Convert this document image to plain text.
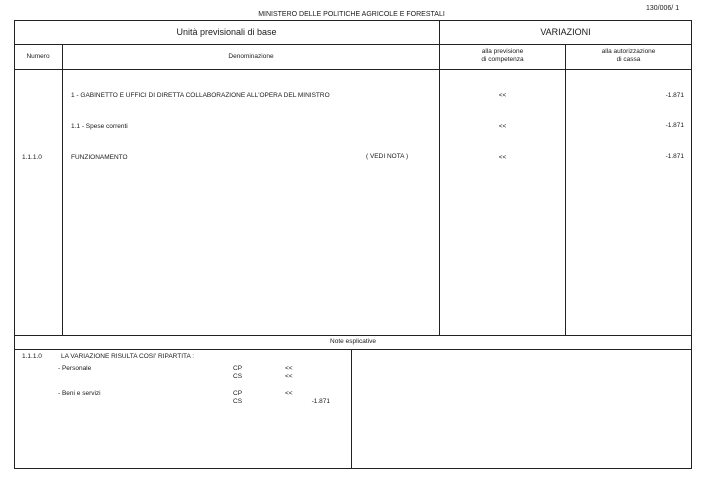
MINISTERO DELLE POLITICHE AGRICOLE E FORESTALI
130/006/ 1
Unità previsionali di base	VARIAZIONI
Numero	Denominazione
alla previsione
di competenza
alla autorizzazione
di cassa
1 - GABINETTO E UFFICI DI DIRETTA COLLABORAZIONE ALL'OPERA DEL MINISTRO	<<	-1.871
1.1 - Spese correnti	<<	-1.871
1.1.1.0	FUNZIONAMENTO	( VEDI NOTA )	<<	-1.871
Note esplicative
1.1.1.0	LA VARIAZIONE RISULTA COSI' RIPARTITA :
- Personale	CP	<<
CS	<<
- Beni e servizi	CP	<<
CS	-1.871
